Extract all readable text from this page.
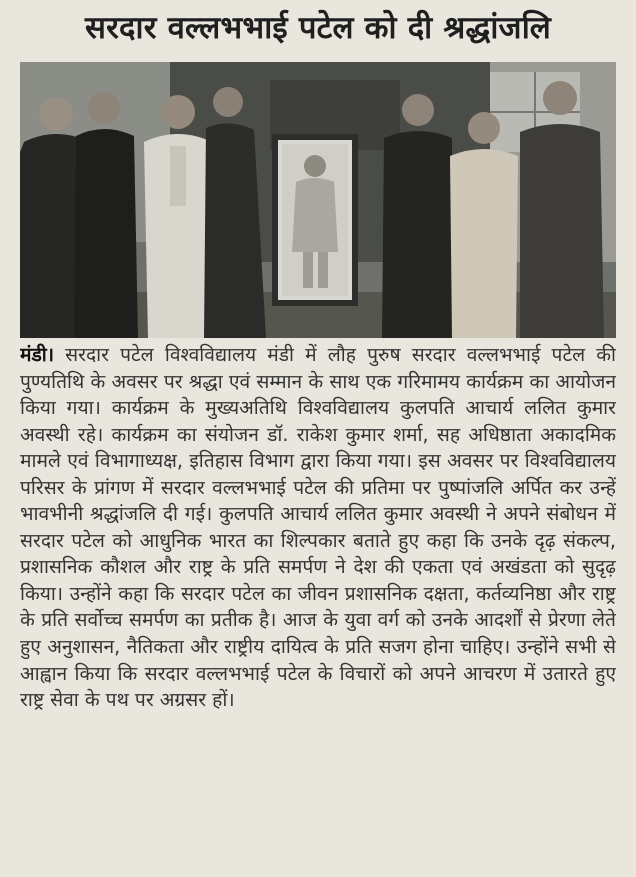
सरदार वल्लभभाई पटेल को दी श्रद्धांजलि

मंडी। सरदार पटेल विश्वविद्यालय मंडी में लौह पुरुष सरदार वल्लभभाई पटेल की पुण्यतिथि के अवसर पर श्रद्धा एवं सम्मान के साथ एक गरिमामय कार्यक्रम का आयोजन किया गया। कार्यक्रम के मुख्यअतिथि विश्वविद्यालय कुलपति आचार्य ललित कुमार अवस्थी रहे। कार्यक्रम का संयोजन डॉ. राकेश कुमार शर्मा, सह अधिष्ठाता अकादमिक मामले एवं विभागाध्यक्ष, इतिहास विभाग द्वारा किया गया। इस अवसर पर विश्वविद्यालय परिसर के प्रांगण में सरदार वल्लभभाई पटेल की प्रतिमा पर पुष्पांजलि अर्पित कर उन्हें भावभीनी श्रद्धांजलि दी गई। कुलपति आचार्य ललित कुमार अवस्थी ने अपने संबोधन में सरदार पटेल को आधुनिक भारत का शिल्पकार बताते हुए कहा कि उनके दृढ़ संकल्प, प्रशासनिक कौशल और राष्ट्र के प्रति समर्पण ने देश की एकता एवं अखंडता को सुदृढ़ किया। उन्होंने कहा कि सरदार पटेल का जीवन प्रशासनिक दक्षता, कर्तव्यनिष्ठा और राष्ट्र के प्रति सर्वोच्च समर्पण का प्रतीक है। आज के युवा वर्ग को उनके आदर्शों से प्रेरणा लेते हुए अनुशासन, नैतिकता और राष्ट्रीय दायित्व के प्रति सजग होना चाहिए। उन्होंने सभी से आह्वान किया कि सरदार वल्लभभाई पटेल के विचारों को अपने आचरण में उतारते हुए राष्ट्र सेवा के पथ पर अग्रसर हों।
